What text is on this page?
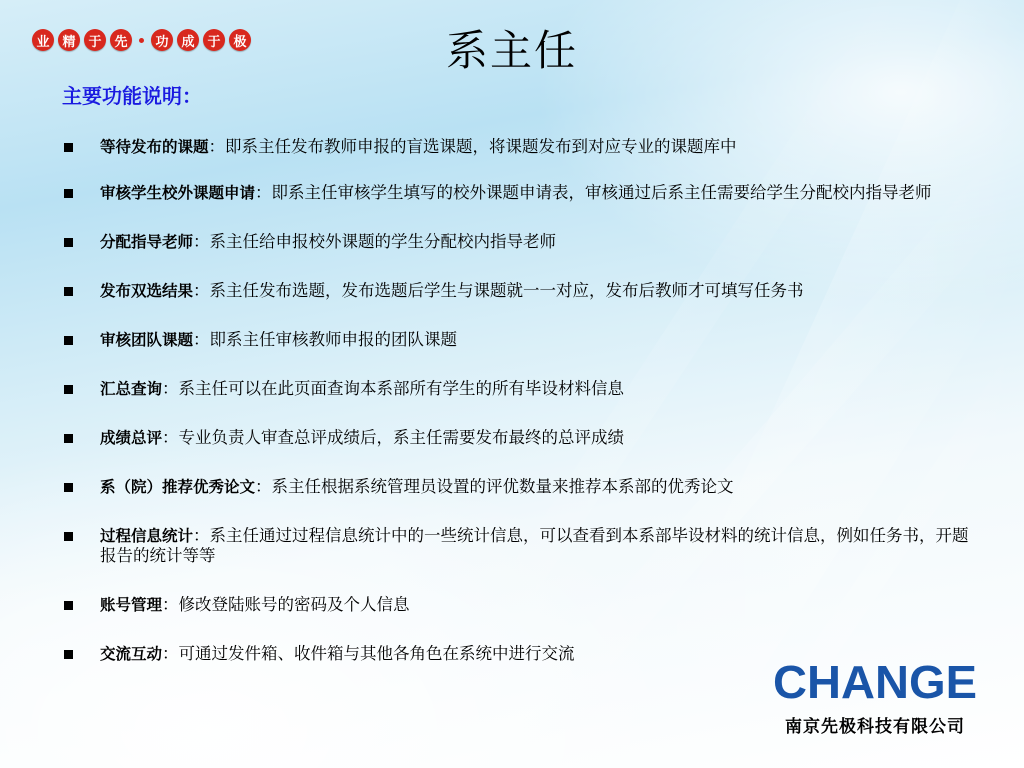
业 精 于 先	功 成 于 极	系主任
主要功能说明：
等待发布的课题：即系主任发布教师申报的盲选课题，将课题发布到对应专业的课题库中
审核学生校外课题申请：即系主任审核学生填写的校外课题申请表，审核通过后系主任需要给学生分配校内指导老师
分配指导老师：系主任给申报校外课题的学生分配校内指导老师
发布双选结果：系主任发布选题，发布选题后学生与课题就一一对应，发布后教师才可填写任务书
审核团队课题：即系主任审核教师申报的团队课题
汇总查询：系主任可以在此页面查询本系部所有学生的所有毕设材料信息
成绩总评：专业负责人审查总评成绩后，系主任需要发布最终的总评成绩
系（院）推荐优秀论文：系主任根据系统管理员设置的评优数量来推荐本系部的优秀论文
过程信息统计：系主任通过过程信息统计中的一些统计信息，可以查看到本系部毕设材料的统计信息，例如任务书，开题报告的统计等等
账号管理：修改登陆账号的密码及个人信息
交流互动：可通过发件箱、收件箱与其他各角色在系统中进行交流
CHANGE
南京先极科技有限公司
